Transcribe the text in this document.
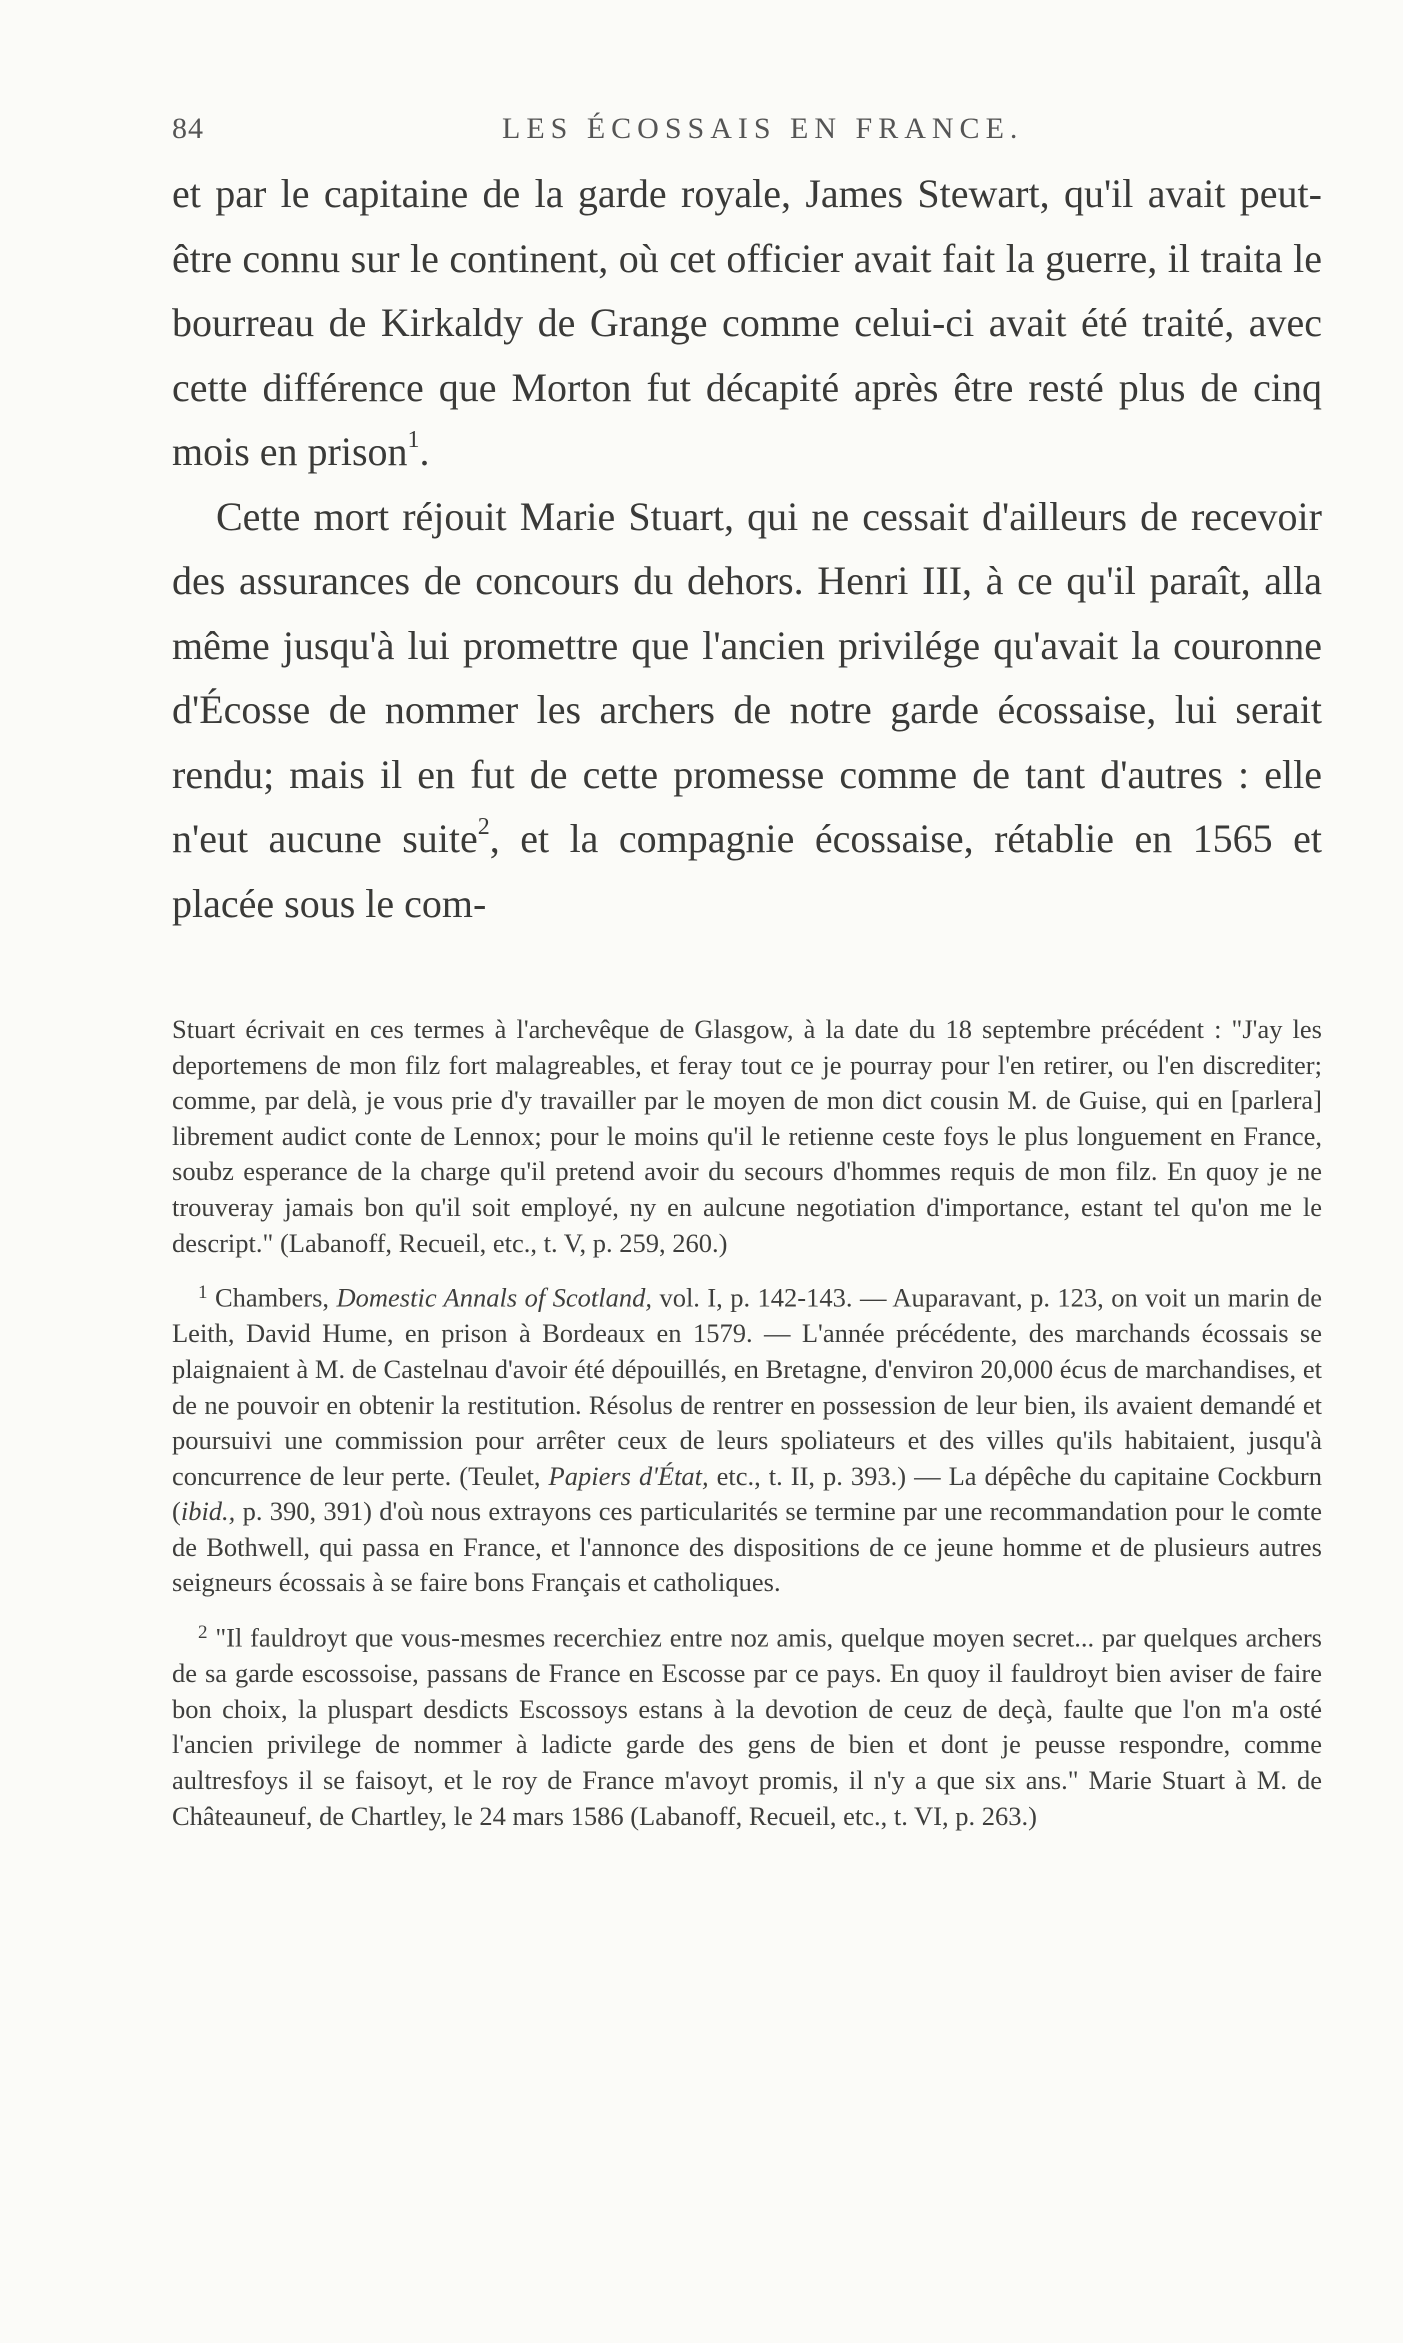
84	LES ÉCOSSAIS EN FRANCE.

et par le capitaine de la garde royale, James Stewart, qu'il avait peut-être connu sur le continent, où cet officier avait fait la guerre, il traita le bourreau de Kirkaldy de Grange comme celui-ci avait été traité, avec cette différence que Morton fut décapité après être resté plus de cinq mois en prison$^1$.

Cette mort réjouit Marie Stuart, qui ne cessait d'ailleurs de recevoir des assurances de concours du dehors. Henri III, à ce qu'il paraît, alla même jusqu'à lui promettre que l'ancien privilége qu'avait la couronne d'Écosse de nommer les archers de notre garde écossaise, lui serait rendu; mais il en fut de cette promesse comme de tant d'autres : elle n'eut aucune suite$^2$, et la compagnie écossaise, rétablie en 1565 et placée sous le com-

Stuart écrivait en ces termes à l'archevêque de Glasgow, à la date du 18 septembre précédent : "J'ay les deportemens de mon filz fort malagreables, et feray tout ce je pourray pour l'en retirer, ou l'en discrediter; comme, par delà, je vous prie d'y travailler par le moyen de mon dict cousin M. de Guise, qui en [parlera] librement audict conte de Lennox; pour le moins qu'il le retienne ceste foys le plus longuement en France, soubz esperance de la charge qu'il pretend avoir du secours d'hommes requis de mon filz. En quoy je ne trouveray jamais bon qu'il soit employé, ny en aulcune negotiation d'importance, estant tel qu'on me le descript." (Labanoff, Recueil, etc., t. V, p. 259, 260.)

$^1$ Chambers, Domestic Annals of Scotland, vol. I, p. 142-143. — Auparavant, p. 123, on voit un marin de Leith, David Hume, en prison à Bordeaux en 1579. — L'année précédente, des marchands écossais se plaignaient à M. de Castelnau d'avoir été dépouillés, en Bretagne, d'environ 20,000 écus de marchandises, et de ne pouvoir en obtenir la restitution. Résolus de rentrer en possession de leur bien, ils avaient demandé et poursuivi une commission pour arrêter ceux de leurs spoliateurs et des villes qu'ils habitaient, jusqu'à concurrence de leur perte. (Teulet, Papiers d'État, etc., t. II, p. 393.) — La dépêche du capitaine Cockburn (ibid., p. 390, 391) d'où nous extrayons ces particularités se termine par une recommandation pour le comte de Bothwell, qui passa en France, et l'annonce des dispositions de ce jeune homme et de plusieurs autres seigneurs écossais à se faire bons Français et catholiques.

$^2$ "Il fauldroyt que vous-mesmes recerchiez entre noz amis, quelque moyen secret... par quelques archers de sa garde escossoise, passans de France en Escosse par ce pays. En quoy il fauldroyt bien aviser de faire bon choix, la pluspart desdicts Escossoys estans à la devotion de ceuz de deçà, faulte que l'on m'a osté l'ancien privilege de nommer à ladicte garde des gens de bien et dont je peusse respondre, comme aultresfoys il se faisoyt, et le roy de France m'avoyt promis, il n'y a que six ans." Marie Stuart à M. de Châteauneuf, de Chartley, le 24 mars 1586 (Labanoff, Recueil, etc., t. VI, p. 263.)
